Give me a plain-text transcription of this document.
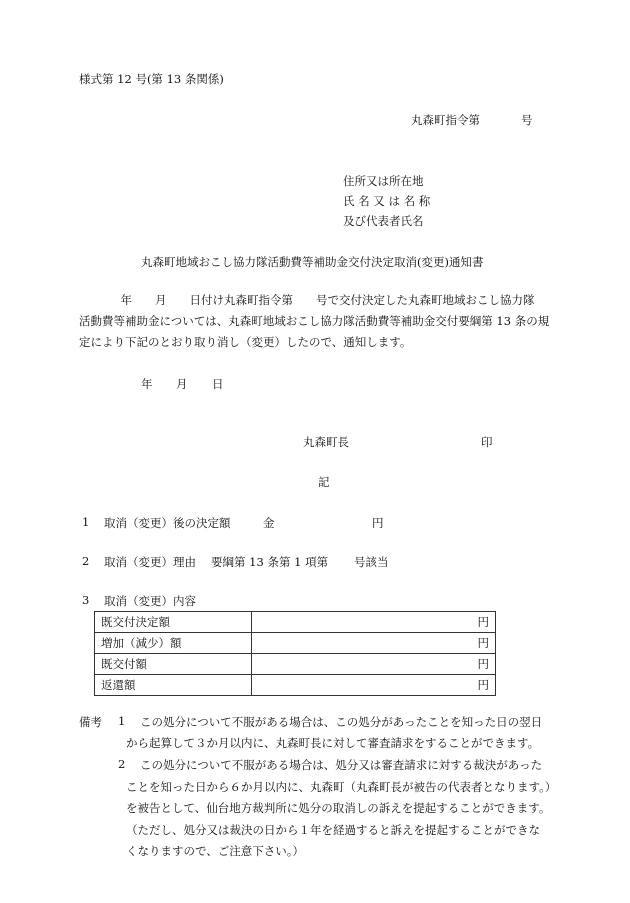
様式第 12 号(第 13 条関係)
丸森町指令第	号
住所又は所在地
氏 名 又 は 名 称
及び代表者氏名
丸森町地域おこし協力隊活動費等補助金交付決定取消(変更)通知書
　年　　月　　日付け丸森町指令第　　号で交付決定した丸森町地域おこし協力隊
活動費等補助金については、丸森町地域おこし協力隊活動費等補助金交付要綱第 13 条の規
定により下記のとおり取り消し（変更）したので、通知します。
年 月 日
丸森町長	印
記
1 取消（変更）後の決定額	金	円
2 取消（変更）理由 要綱第 13 条第 1 項第 号該当
3 取消（変更）内容
既交付決定額	円
増加（減少）額	円
既交付額	円
返還額	円
備考 1 この処分について不服がある場合は、この処分があったことを知った日の翌日
から起算して３か月以内に、丸森町長に対して審査請求をすることができます。
2 この処分について不服がある場合は、処分又は審査請求に対する裁決があった
ことを知った日から６か月以内に、丸森町（丸森町長が被告の代表者となります。）
を被告として、仙台地方裁判所に処分の取消しの訴えを提起することができます。
（ただし、処分又は裁決の日から１年を経過すると訴えを提起することができな
くなりますので、ご注意下さい。）
